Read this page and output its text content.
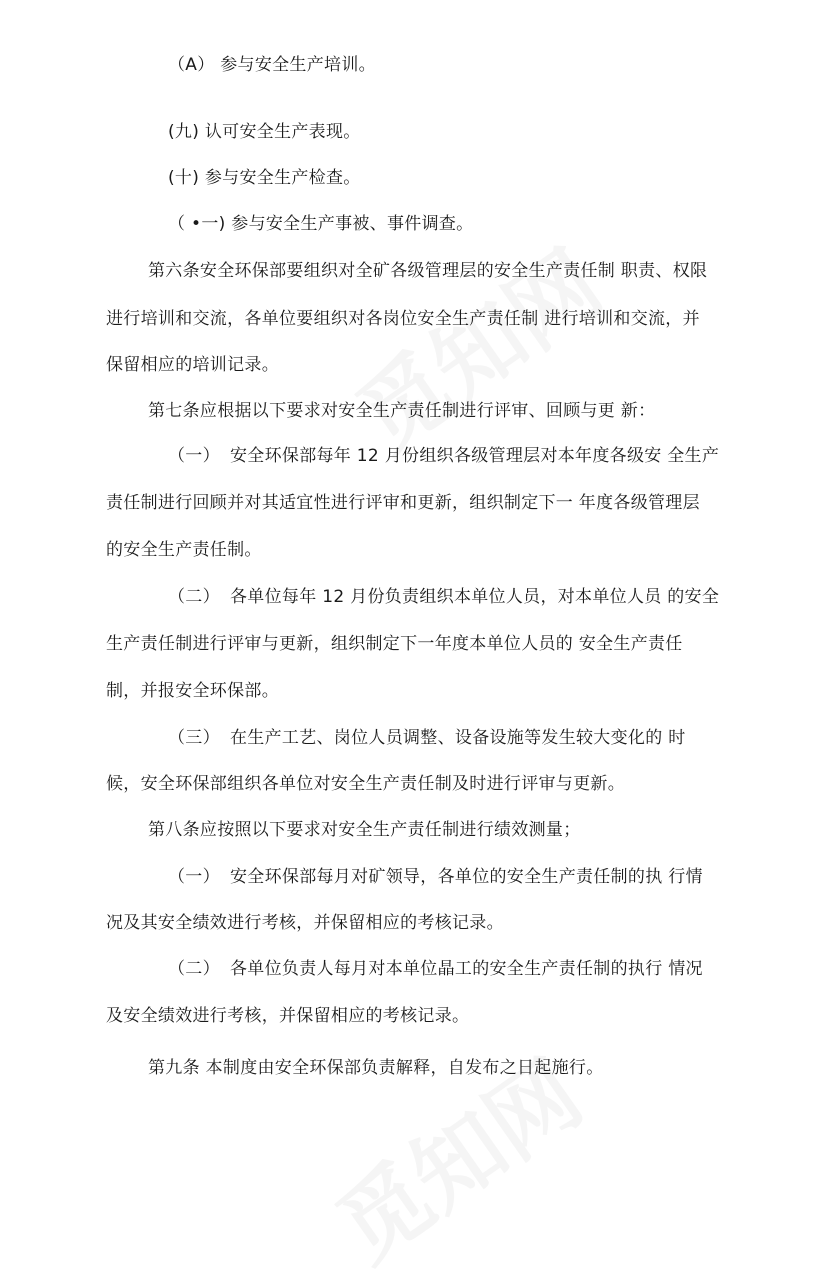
（A） 参与安全生产培训。
(九) 认可安全生产表现。
(十) 参与安全生产检查。
（ •一) 参与安全生产事被、事件调查。
第六条安全环保部要组织对全矿各级管理层的安全生产责任制 职责、权限
进行培训和交流，各单位要组织对各岗位安全生产责任制 进行培训和交流，并
保留相应的培训记录。
第七条应根据以下要求对安全生产责任制进行评审、回顾与更 新：
（一） 安全环保部每年 12 月份组织各级管理层对本年度各级安 全生产
责任制进行回顾并对其适宜性进行评审和更新，组织制定下一 年度各级管理层
的安全生产责任制。
（二） 各单位每年 12 月份负责组织本单位人员，对本单位人员 的安全
生产责任制进行评审与更新，组织制定下一年度本单位人员的 安全生产责任
制，并报安全环保部。
（三） 在生产工艺、岗位人员调整、设备设施等发生较大变化的 时
候，安全环保部组织各单位对安全生产责任制及时进行评审与更新。
第八条应按照以下要求对安全生产责任制进行绩效测量；
（一） 安全环保部每月对矿领导，各单位的安全生产责任制的执 行情
况及其安全绩效进行考核，并保留相应的考核记录。
（二） 各单位负责人每月对本单位晶工的安全生产责任制的执行 情况
及安全绩效进行考核，并保留相应的考核记录。
第九条 本制度由安全环保部负责解释，自发布之日起施行。
